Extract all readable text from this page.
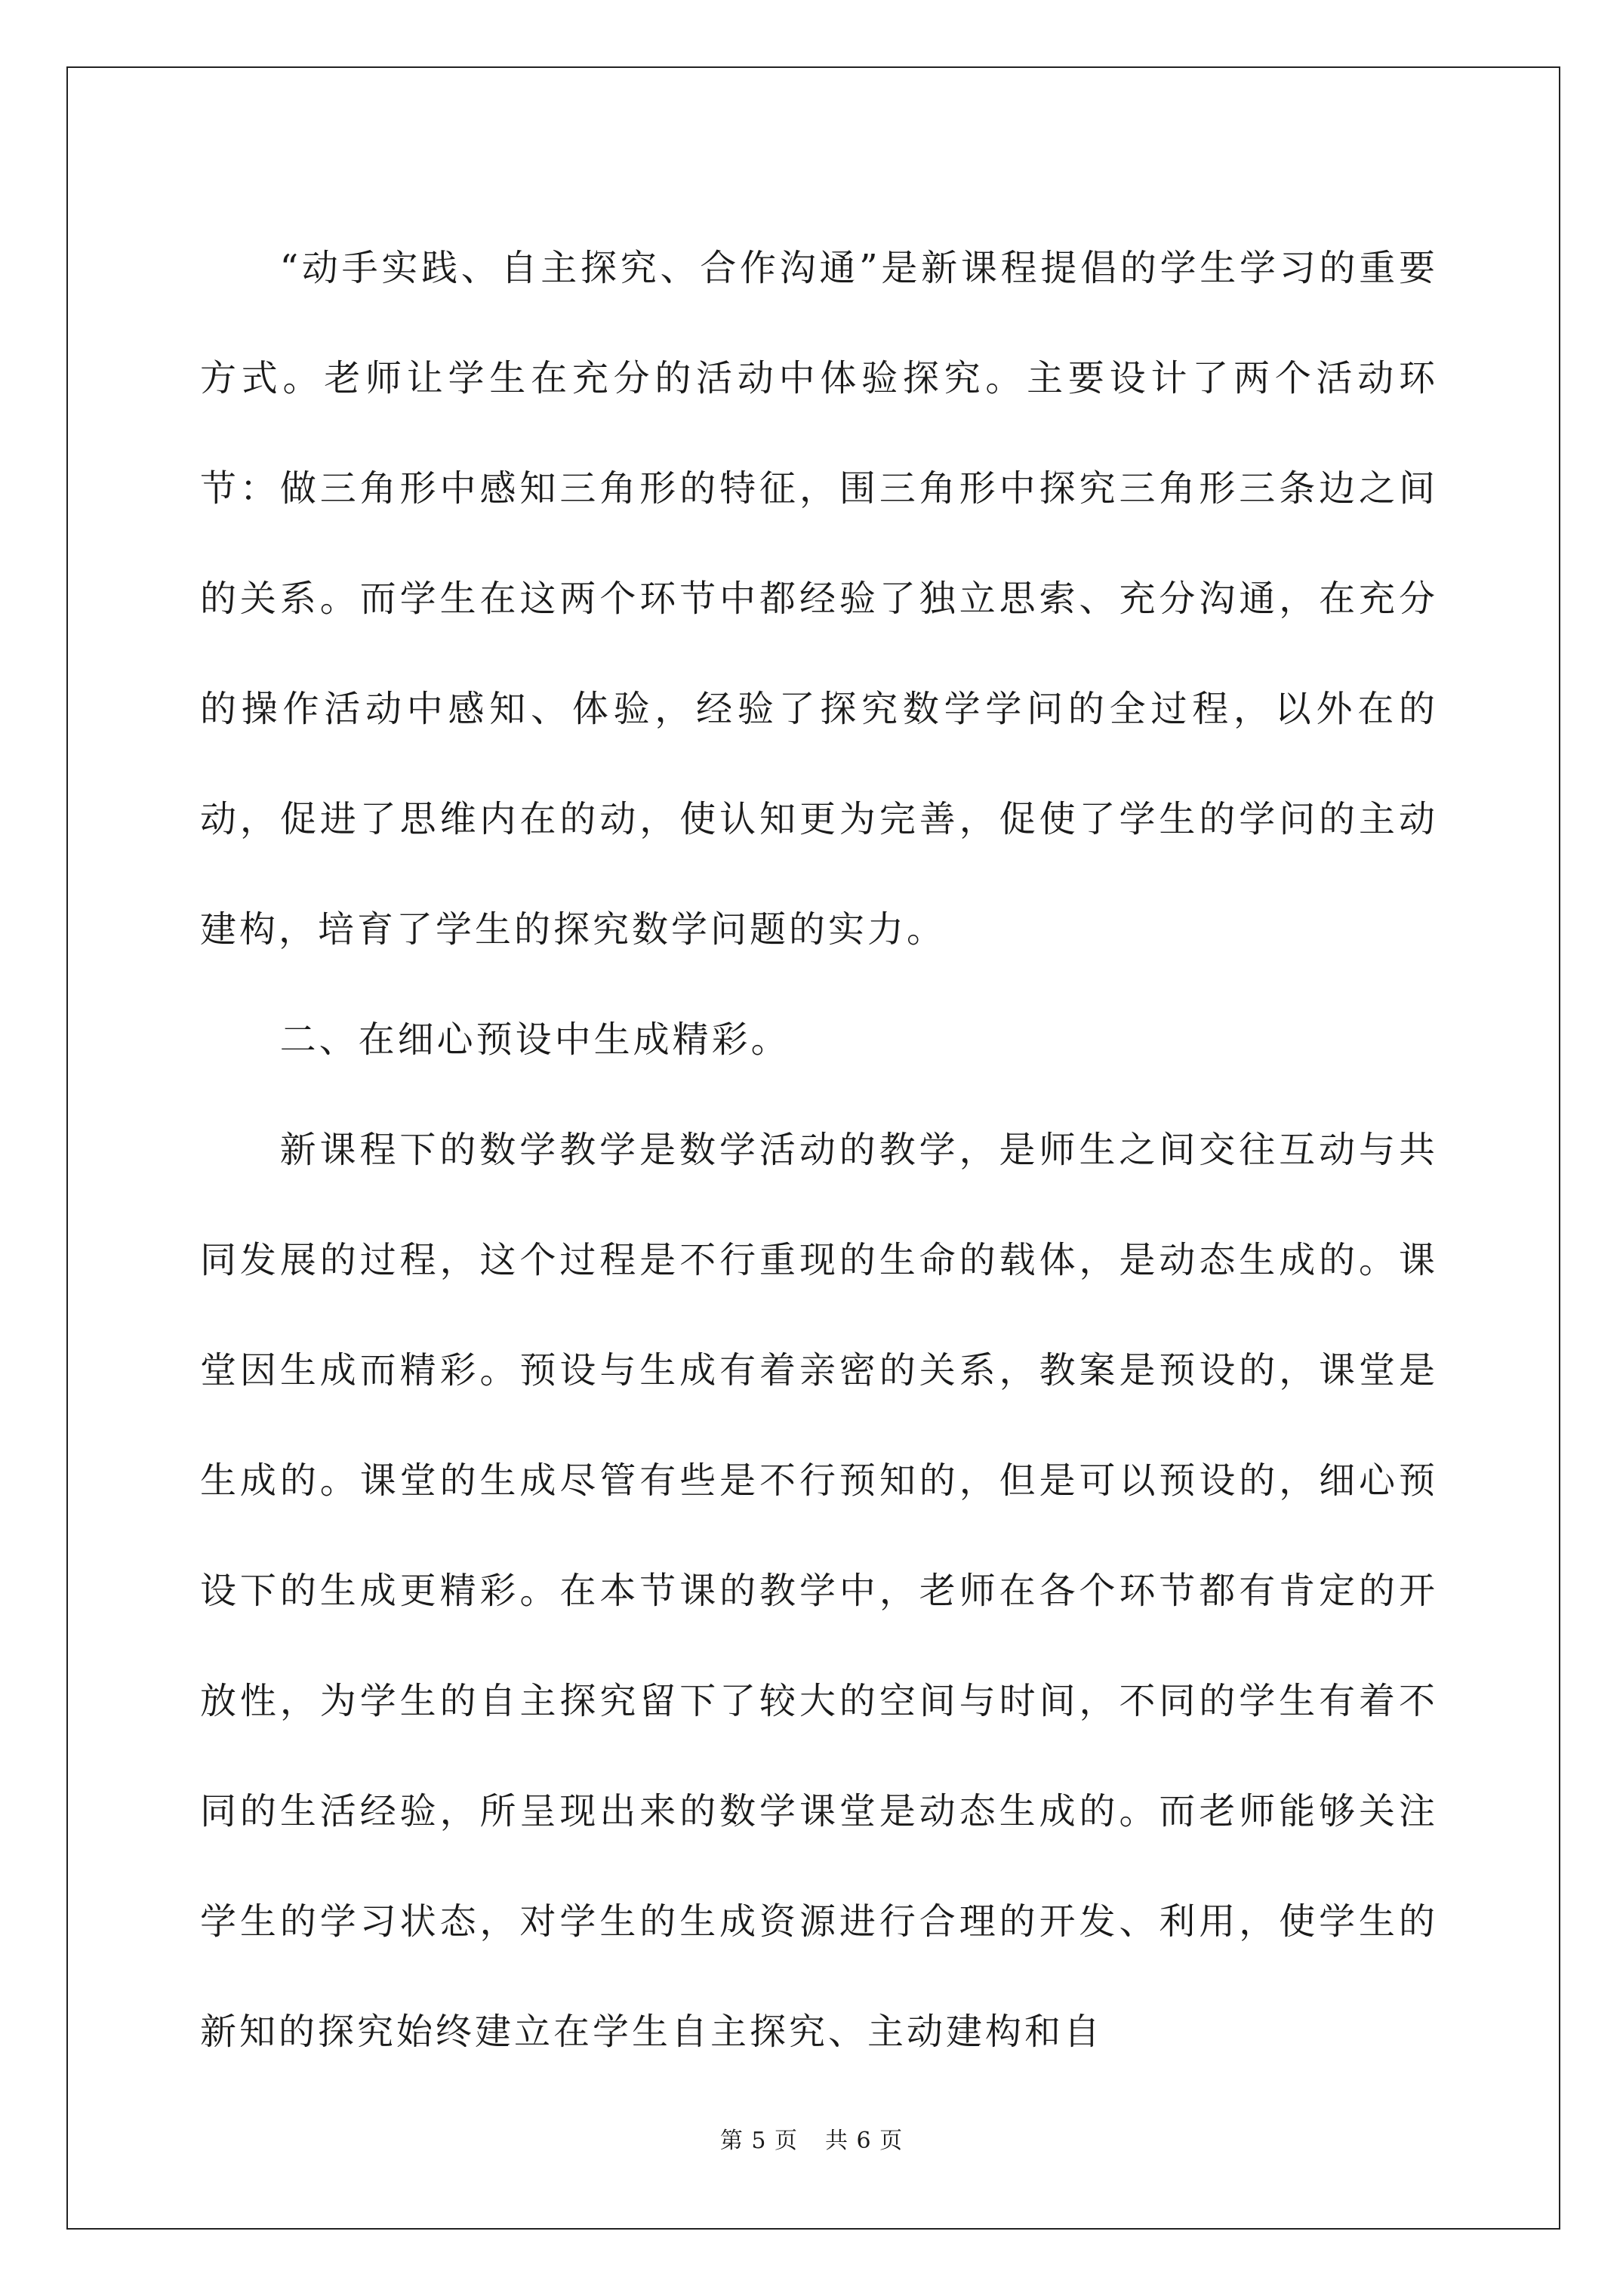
“动手实践、自主探究、合作沟通”是新课程提倡的学生学习的重要方式。老师让学生在充分的活动中体验探究。主要设计了两个活动环节：做三角形中感知三角形的特征，围三角形中探究三角形三条边之间的关系。而学生在这两个环节中都经验了独立思索、充分沟通，在充分的操作活动中感知、体验，经验了探究数学学问的全过程，以外在的动，促进了思维内在的动，使认知更为完善，促使了学生的学问的主动建构，培育了学生的探究数学问题的实力。

二、在细心预设中生成精彩。

新课程下的数学教学是数学活动的教学，是师生之间交往互动与共同发展的过程，这个过程是不行重现的生命的载体，是动态生成的。课堂因生成而精彩。预设与生成有着亲密的关系，教案是预设的，课堂是生成的。课堂的生成尽管有些是不行预知的，但是可以预设的，细心预设下的生成更精彩。在本节课的教学中，老师在各个环节都有肯定的开放性，为学生的自主探究留下了较大的空间与时间，不同的学生有着不同的生活经验，所呈现出来的数学课堂是动态生成的。而老师能够关注学生的学习状态，对学生的生成资源进行合理的开发、利用，使学生的新知的探究始终建立在学生自主探究、主动建构和自

第 5 页 共 6 页
